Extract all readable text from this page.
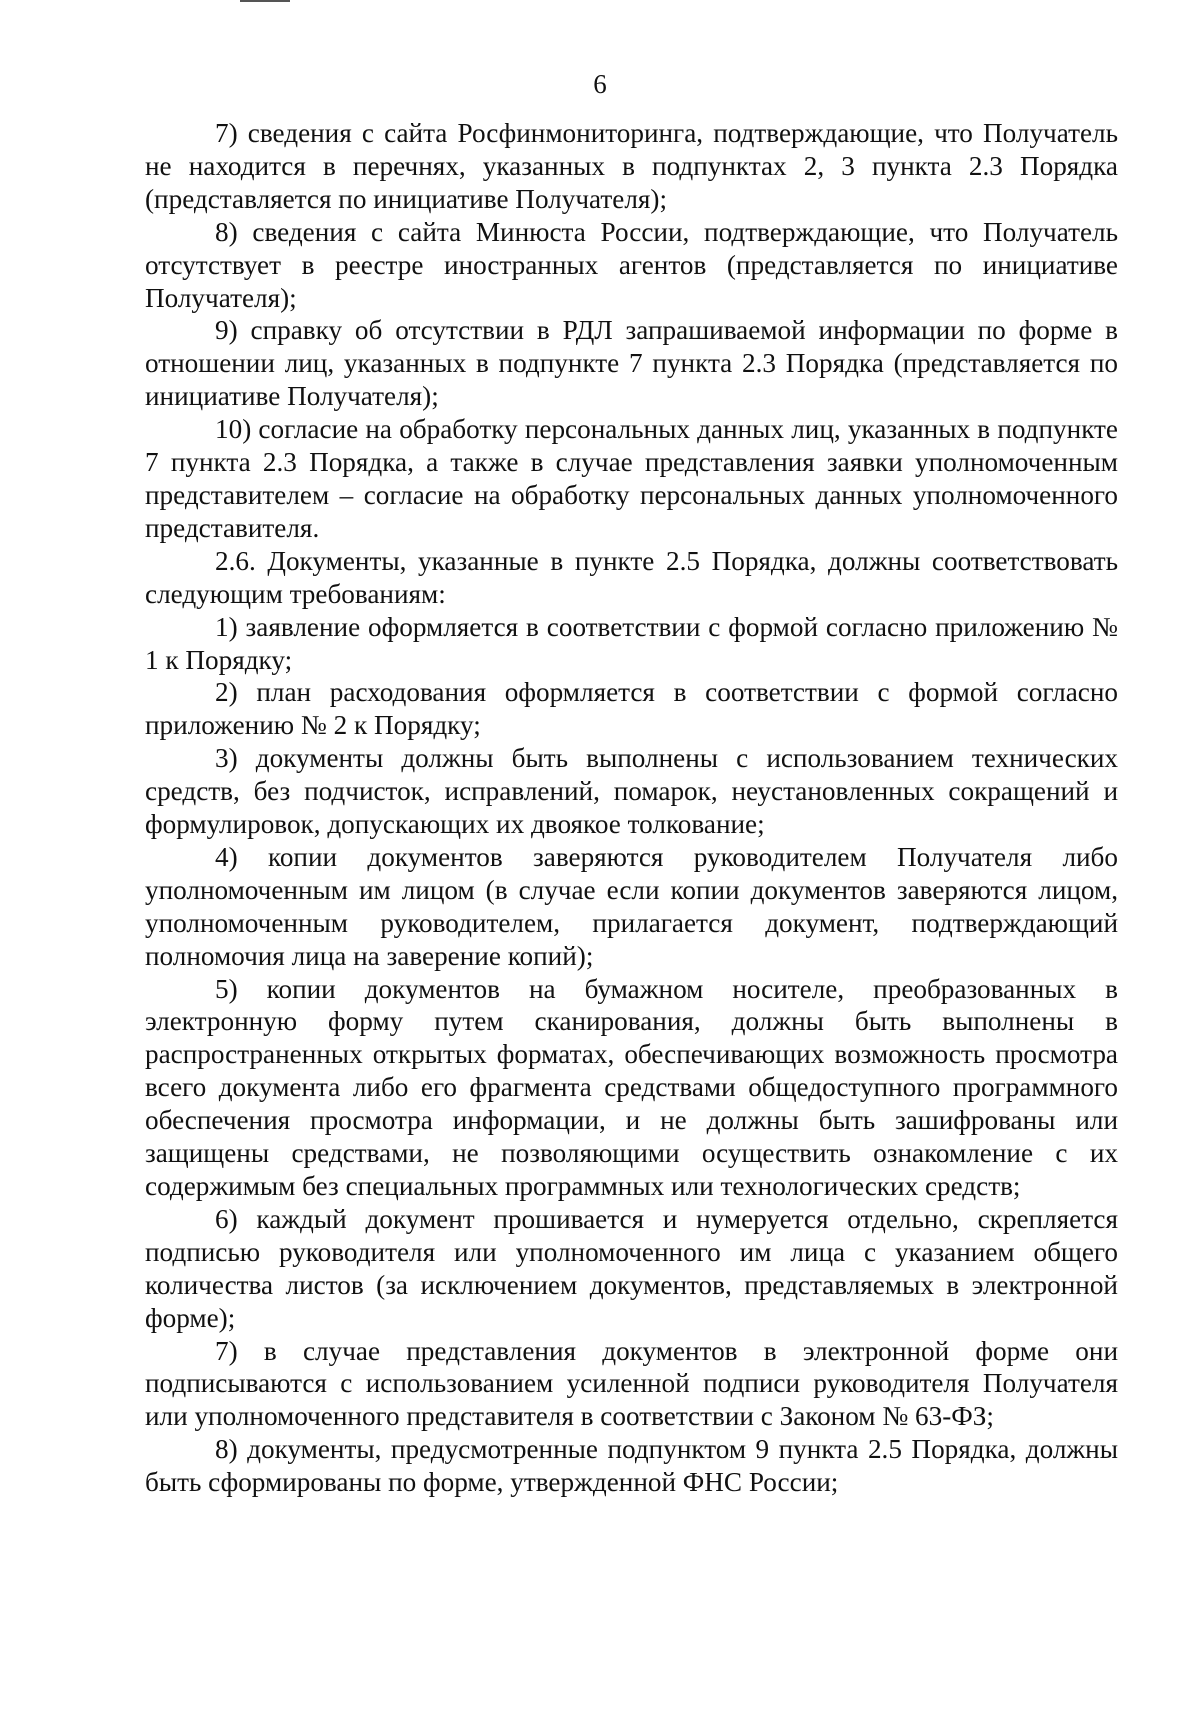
6

7) сведения с сайта Росфинмониторинга, подтверждающие, что Получатель не находится в перечнях, указанных в подпунктах 2, 3 пункта 2.3 Порядка (представляется по инициативе Получателя);

8) сведения с сайта Минюста России, подтверждающие, что Получатель отсутствует в реестре иностранных агентов (представляется по инициативе Получателя);

9) справку об отсутствии в РДЛ запрашиваемой информации по форме в отношении лиц, указанных в подпункте 7 пункта 2.3 Порядка (представляется по инициативе Получателя);

10) согласие на обработку персональных данных лиц, указанных в подпункте 7 пункта 2.3 Порядка, а также в случае представления заявки уполномоченным представителем – согласие на обработку персональных данных уполномоченного представителя.

2.6. Документы, указанные в пункте 2.5 Порядка, должны соответствовать следующим требованиям:

1) заявление оформляется в соответствии с формой согласно приложению № 1 к Порядку;

2) план расходования оформляется в соответствии с формой согласно приложению № 2 к Порядку;

3) документы должны быть выполнены с использованием технических средств, без подчисток, исправлений, помарок, неустановленных сокращений и формулировок, допускающих их двоякое толкование;

4) копии документов заверяются руководителем Получателя либо уполномоченным им лицом (в случае если копии документов заверяются лицом, уполномоченным руководителем, прилагается документ, подтверждающий полномочия лица на заверение копий);

5) копии документов на бумажном носителе, преобразованных в электронную форму путем сканирования, должны быть выполнены в распространенных открытых форматах, обеспечивающих возможность просмотра всего документа либо его фрагмента средствами общедоступного программного обеспечения просмотра информации, и не должны быть зашифрованы или защищены средствами, не позволяющими осуществить ознакомление с их содержимым без специальных программных или технологических средств;

6) каждый документ прошивается и нумеруется отдельно, скрепляется подписью руководителя или уполномоченного им лица с указанием общего количества листов (за исключением документов, представляемых в электронной форме);

7) в случае представления документов в электронной форме они подписываются с использованием усиленной подписи руководителя Получателя или уполномоченного представителя в соответствии с Законом № 63-ФЗ;

8) документы, предусмотренные подпунктом 9 пункта 2.5 Порядка, должны быть сформированы по форме, утвержденной ФНС России;
